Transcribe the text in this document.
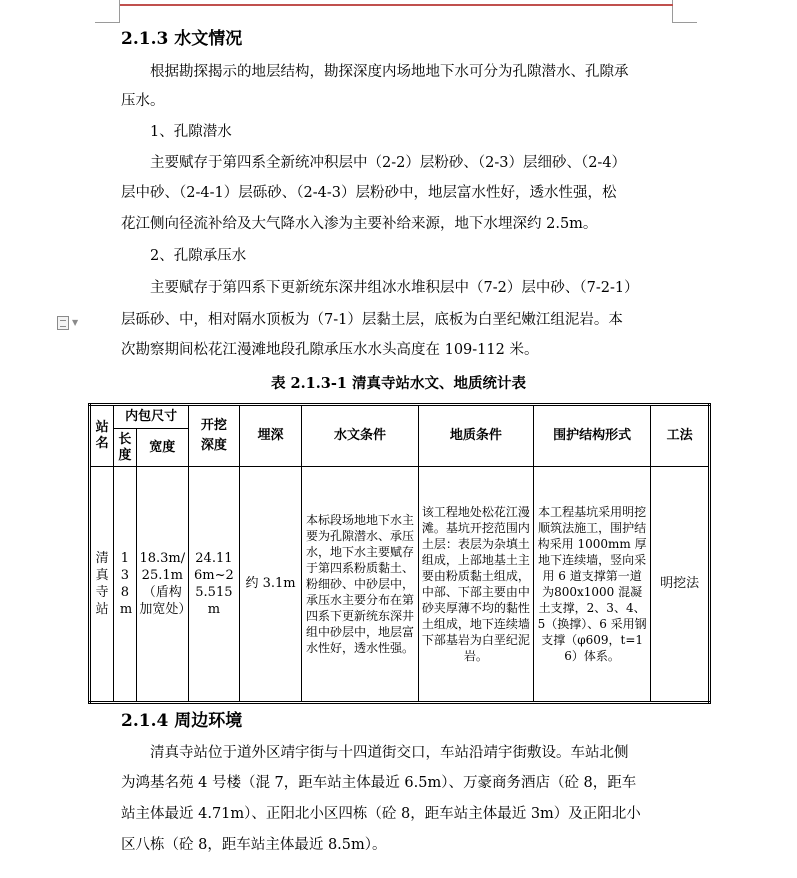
2.1.3 水文情况
根据勘探揭示的地层结构，勘探深度内场地地下水可分为孔隙潜水、孔隙承
压水。
1、孔隙潜水
主要赋存于第四系全新统冲积层中（2-2）层粉砂、（2-3）层细砂、（2-4）
层中砂、（2-4-1）层砾砂、（2-4-3）层粉砂中，地层富水性好，透水性强，松
花江侧向径流补给及大气降水入渗为主要补给来源，地下水埋深约 2.5m。
2、孔隙承压水
主要赋存于第四系下更新统东深井组冰水堆积层中（7-2）层中砂、（7-2-1）
层砾砂、中，相对隔水顶板为（7-1）层黏土层，底板为白垩纪嫩江组泥岩。本
次勘察期间松花江漫滩地段孔隙承压水水头高度在 109-112 米。
▼
表 2.1.3-1 清真寺站水文、地质统计表
站名	内包尺寸		开挖深度	埋深	水文条件	地质条件	围护结构形式	工法

	长度	宽度						

清真寺站	138m	18.3m/25.1m（盾构加宽处）	24.116m~25.515m	约 3.1m	本标段场地地下水主要为孔隙潜水、承压水，地下水主要赋存于第四系粉质黏土、粉细砂、中砂层中，承压水主要分布在第四系下更新统东深井组中砂层中，地层富水性好，透水性强。	该工程地处松花江漫滩。基坑开挖范围内土层：表层为杂填土组成，上部地基土主要由粉质黏土组成，中部、下部主要由中砂夹厚薄不均的黏性土组成，地下连续墙下部基岩为白垩纪泥岩。	本工程基坑采用明挖顺筑法施工，围护结构采用 1000mm 厚地下连续墙，竖向采用 6 道支撑第一道为800x1000 混凝土支撑，2、3、4、5（换撑）、6 采用钢支撑（φ609，t=16）体系。	明挖法
2.1.4 周边环境
清真寺站位于道外区靖宇街与十四道街交口，车站沿靖宇街敷设。车站北侧
为鸿基名苑 4 号楼（混 7，距车站主体最近 6.5m）、万豪商务酒店（砼 8，距车
站主体最近 4.71m）、正阳北小区四栋（砼 8，距车站主体最近 3m）及正阳北小
区八栋（砼 8，距车站主体最近 8.5m）。
